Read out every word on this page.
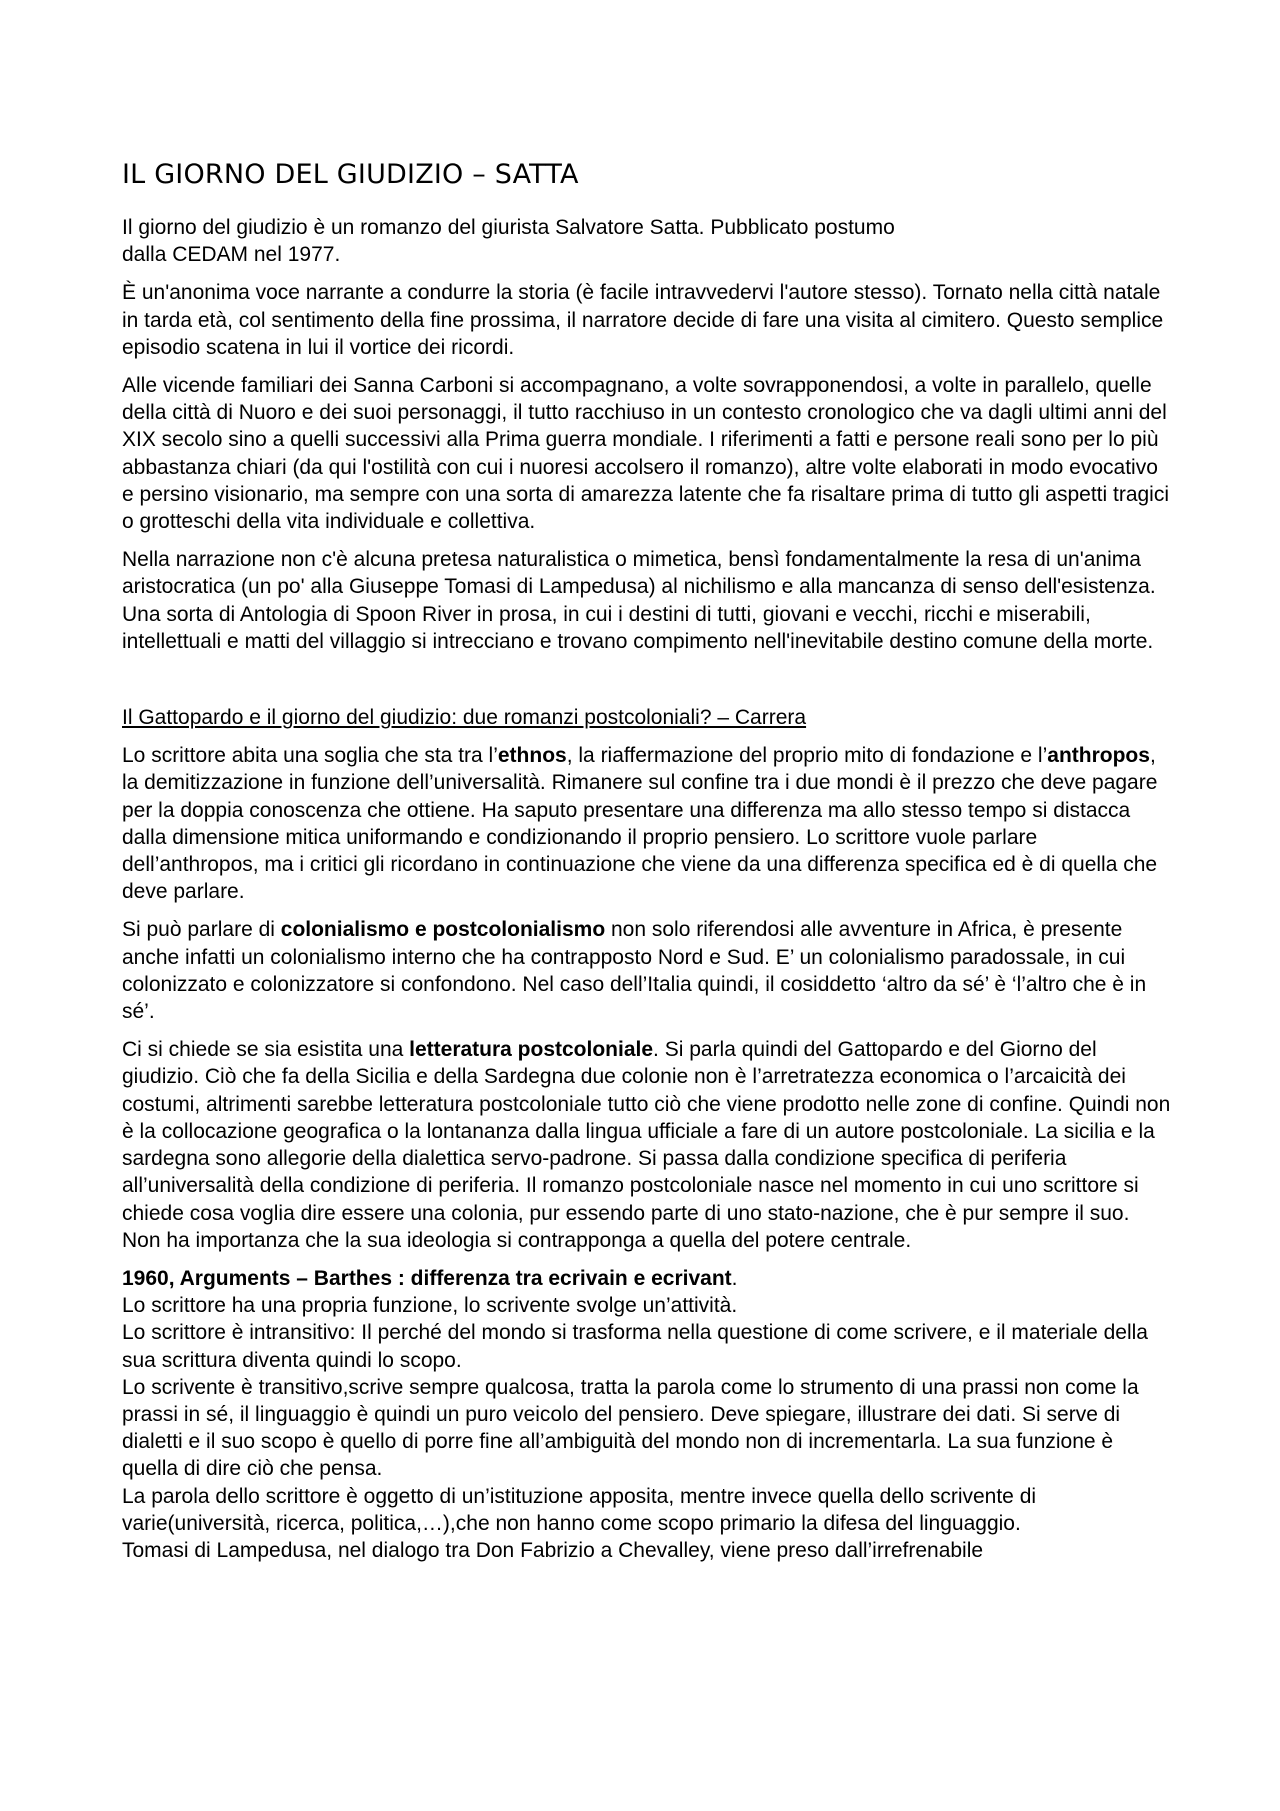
IL GIORNO DEL GIUDIZIO – SATTA

Il giorno del giudizio è un romanzo del giurista Salvatore Satta. Pubblicato postumo
dalla CEDAM nel 1977.

È un'anonima voce narrante a condurre la storia (è facile intravvedervi l'autore stesso). Tornato nella città natale in tarda età, col sentimento della fine prossima, il narratore decide di fare una visita al cimitero. Questo semplice episodio scatena in lui il vortice dei ricordi.

Alle vicende familiari dei Sanna Carboni si accompagnano, a volte sovrapponendosi, a volte in parallelo, quelle della città di Nuoro e dei suoi personaggi, il tutto racchiuso in un contesto cronologico che va dagli ultimi anni del XIX secolo sino a quelli successivi alla Prima guerra mondiale. I riferimenti a fatti e persone reali sono per lo più abbastanza chiari (da qui l'ostilità con cui i nuoresi accolsero il romanzo), altre volte elaborati in modo evocativo e persino visionario, ma sempre con una sorta di amarezza latente che fa risaltare prima di tutto gli aspetti tragici o grotteschi della vita individuale e collettiva.

Nella narrazione non c'è alcuna pretesa naturalistica o mimetica, bensì fondamentalmente la resa di un'anima aristocratica (un po' alla Giuseppe Tomasi di Lampedusa) al nichilismo e alla mancanza di senso dell'esistenza. Una sorta di Antologia di Spoon River in prosa, in cui i destini di tutti, giovani e vecchi, ricchi e miserabili, intellettuali e matti del villaggio si intrecciano e trovano compimento nell'inevitabile destino comune della morte.

Il Gattopardo e il giorno del giudizio: due romanzi postcoloniali? – Carrera

Lo scrittore abita una soglia che sta tra l’ethnos, la riaffermazione del proprio mito di fondazione e l’anthropos, la demitizzazione in funzione dell’universalità. Rimanere sul confine tra i due mondi è il prezzo che deve pagare per la doppia conoscenza che ottiene. Ha saputo presentare una differenza ma allo stesso tempo si distacca dalla dimensione mitica uniformando e condizionando il proprio pensiero. Lo scrittore vuole parlare dell’anthropos, ma i critici gli ricordano in continuazione che viene da una differenza specifica ed è di quella che deve parlare.

Si può parlare di colonialismo e postcolonialismo non solo riferendosi alle avventure in Africa, è presente anche infatti un colonialismo interno che ha contrapposto Nord e Sud. E’ un colonialismo paradossale, in cui colonizzato e colonizzatore si confondono. Nel caso dell’Italia quindi, il cosiddetto ‘altro da sé’ è ‘l’altro che è in sé’.

Ci si chiede se sia esistita una letteratura postcoloniale. Si parla quindi del Gattopardo e del Giorno del giudizio. Ciò che fa della Sicilia e della Sardegna due colonie non è l’arretratezza economica o l’arcaicità dei costumi, altrimenti sarebbe letteratura postcoloniale tutto ciò che viene prodotto nelle zone di confine. Quindi non è la collocazione geografica o la lontananza dalla lingua ufficiale a fare di un autore postcoloniale. La sicilia e la sardegna sono allegorie della dialettica servo-padrone. Si passa dalla condizione specifica di periferia all’universalità della condizione di periferia. Il romanzo postcoloniale nasce nel momento in cui uno scrittore si chiede cosa voglia dire essere una colonia, pur essendo parte di uno stato-nazione, che è pur sempre il suo. Non ha importanza che la sua ideologia si contrapponga a quella del potere centrale.

1960, Arguments – Barthes : differenza tra ecrivain e ecrivant.

Lo scrittore ha una propria funzione, lo scrivente svolge un’attività.

Lo scrittore è intransitivo: Il perché del mondo si trasforma nella questione di come scrivere, e il materiale della sua scrittura diventa quindi lo scopo.

Lo scrivente è transitivo,scrive sempre qualcosa, tratta la parola come lo strumento di una prassi non come la prassi in sé, il linguaggio è quindi un puro veicolo del pensiero. Deve spiegare, illustrare dei dati. Si serve di dialetti e il suo scopo è quello di porre fine all’ambiguità del mondo non di incrementarla. La sua funzione è quella di dire ciò che pensa.

La parola dello scrittore è oggetto di un’istituzione apposita, mentre invece quella dello scrivente di varie(università, ricerca, politica,…),che non hanno come scopo primario la difesa del linguaggio.

Tomasi di Lampedusa, nel dialogo tra Don Fabrizio a Chevalley, viene preso dall’irrefrenabile
